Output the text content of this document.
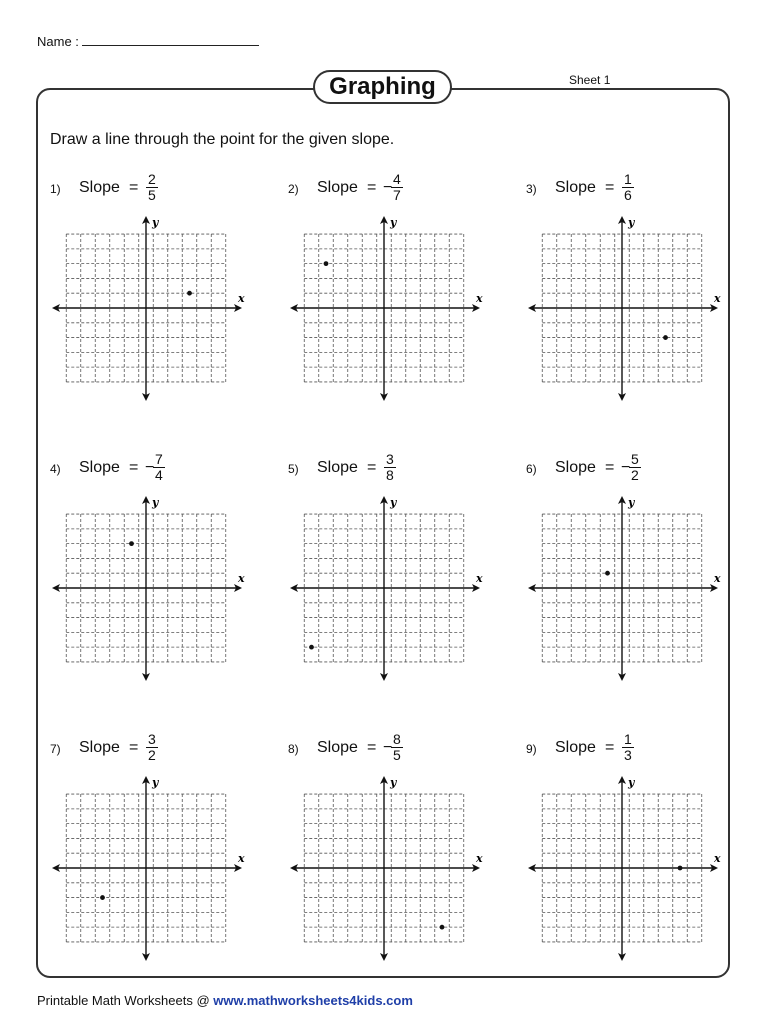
Name :
Graphing	Sheet 1
Draw a line through the point for the given slope.
1) Slope = $\frac{2}{5}$
y
x
2) Slope = −
$\frac{4}{7}$
y
x
3) Slope = $\frac{1}{6}$
y
x
4) Slope = −
$\frac{7}{4}$
y
x
5) Slope = $\frac{3}{8}$
y
x
6) Slope = −
$\frac{5}{2}$
y
x
7) Slope = $\frac{3}{2}$
y
x
8) Slope = −
$\frac{8}{5}$
y
x
9) Slope = $\frac{1}{3}$
y
x
Printable Math Worksheets @ www.mathworksheets4kids.com
